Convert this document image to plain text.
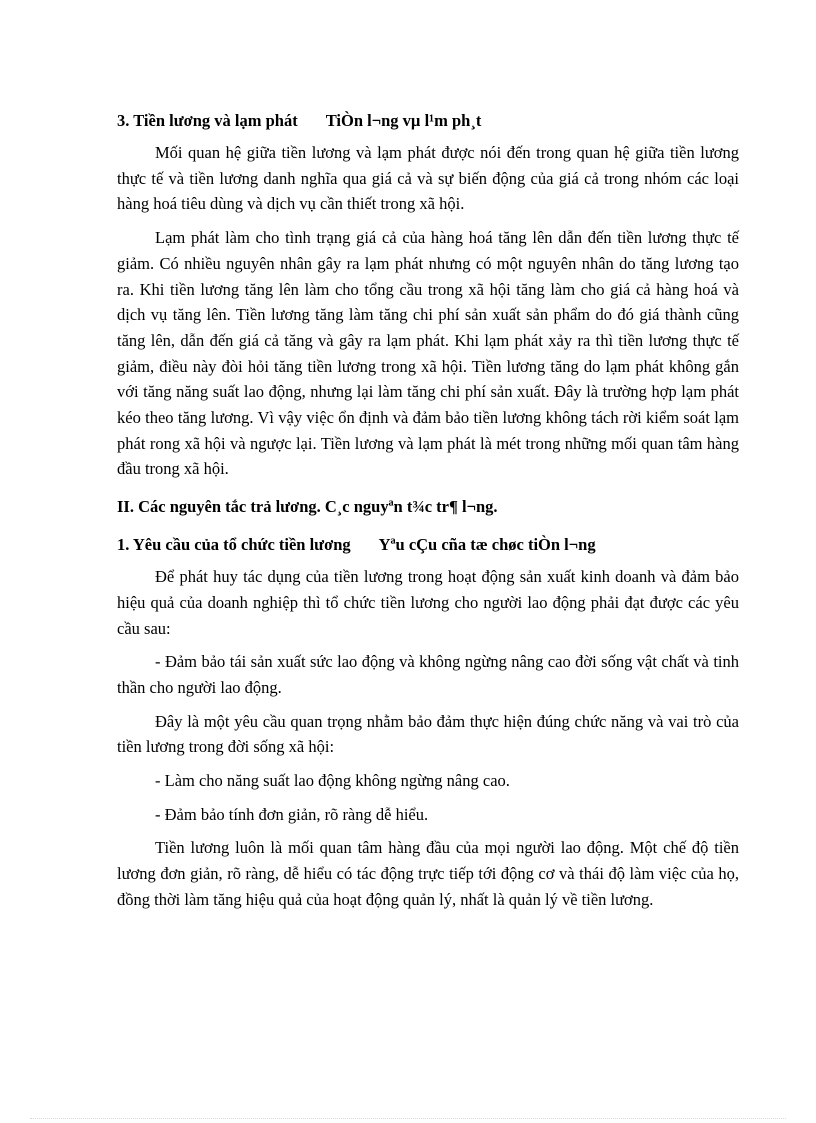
3. Tiền lương và lạm phát TiÒn l¬ng vµ l¹m ph¸t

Mối quan hệ giữa tiền lương và lạm phát được nói đến trong quan hệ giữa tiền lương thực tế và tiền lương danh nghĩa qua giá cả và sự biến động của giá cả trong nhóm các loại hàng hoá tiêu dùng và dịch vụ cần thiết trong xã hội.

Lạm phát làm cho tình trạng giá cả của hàng hoá tăng lên dẫn đến tiền lương thực tế giảm. Có nhiều nguyên nhân gây ra lạm phát nhưng có một nguyên nhân do tăng lương tạo ra. Khi tiền lương tăng lên làm cho tổng cầu trong xã hội tăng làm cho giá cả hàng hoá và dịch vụ tăng lên. Tiền lương tăng làm tăng chi phí sản xuất sản phẩm do đó giá thành cũng tăng lên, dẫn đến giá cả tăng và gây ra lạm phát. Khi lạm phát xảy ra thì tiền lương thực tế giảm, điều này đòi hỏi tăng tiền lương trong xã hội. Tiền lương tăng do lạm phát không gắn với tăng năng suất lao động, nhưng lại làm tăng chi phí sản xuất. Đây là trường hợp lạm phát kéo theo tăng lương. Vì vậy việc ổn định và đảm bảo tiền lương không tách rời kiểm soát lạm phát rong xã hội và ngược lại. Tiền lương và lạm phát là mét trong những mối quan tâm hàng đầu trong xã hội.

II. Các nguyên tắc trả lương. C¸c nguyªn t¾c tr¶ l¬ng.
1. Yêu cầu của tổ chức tiền lương Yªu cÇu cña tæ chøc tiÒn l¬ng

Để phát huy tác dụng của tiền lương trong hoạt động sản xuất kinh doanh và đảm bảo hiệu quả của doanh nghiệp thì tổ chức tiền lương cho người lao động phải đạt được các yêu cầu sau:

- Đảm bảo tái sản xuất sức lao động và không ngừng nâng cao đời sống vật chất và tinh thần cho người lao động.

Đây là một yêu cầu quan trọng nhằm bảo đảm thực hiện đúng chức năng và vai trò của tiền lương trong đời sống xã hội:

- Làm cho năng suất lao động không ngừng nâng cao.

- Đảm bảo tính đơn giản, rõ ràng dễ hiểu.

Tiền lương luôn là mối quan tâm hàng đầu của mọi người lao động. Một chế độ tiền lương đơn giản, rõ ràng, dễ hiểu có tác động trực tiếp tới động cơ và thái độ làm việc của họ, đồng thời làm tăng hiệu quả của hoạt động quản lý, nhất là quản lý về tiền lương.
